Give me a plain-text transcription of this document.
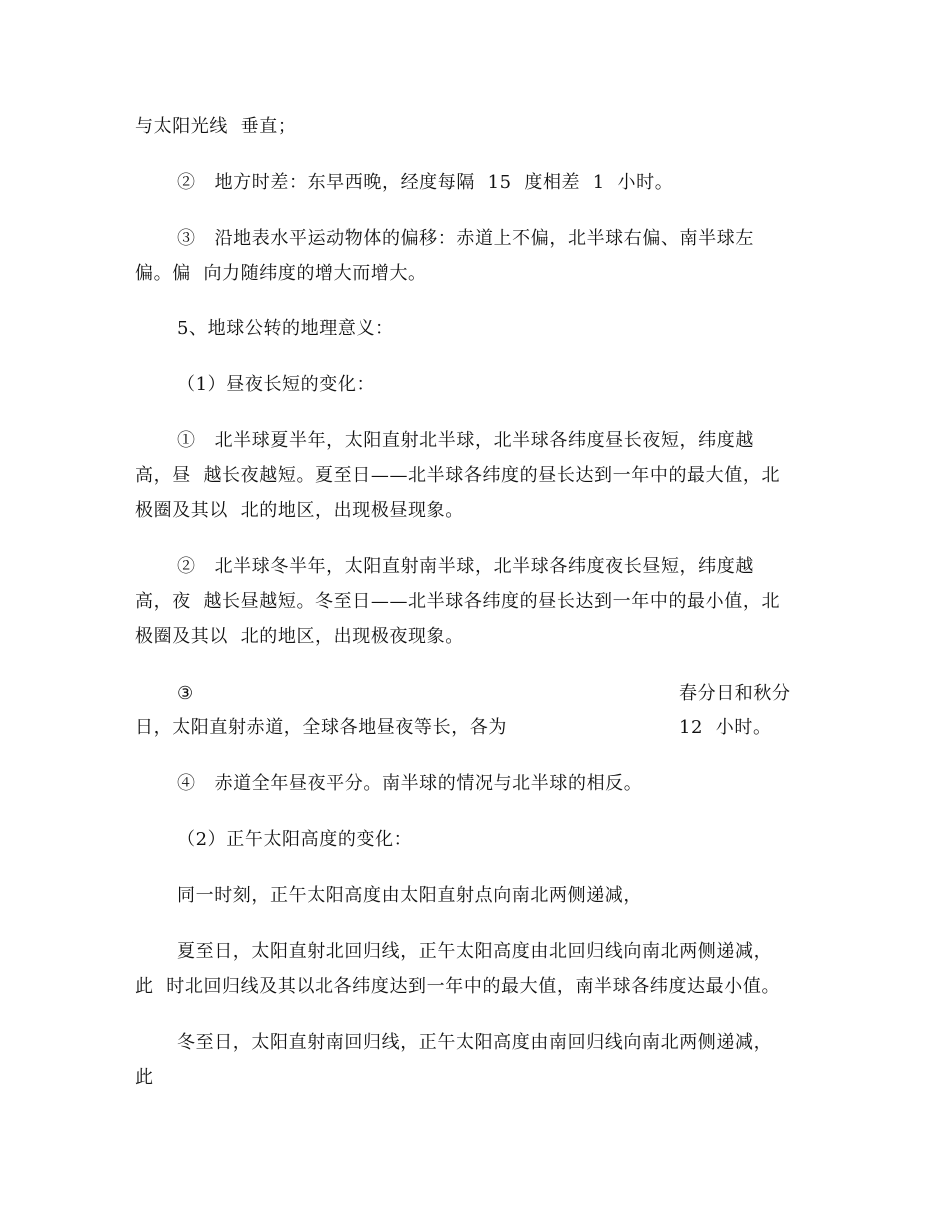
与太阳光线  垂直；
②   地方时差：东早西晚，经度每隔  15  度相差  1  小时。
③   沿地表水平运动物体的偏移：赤道上不偏，北半球右偏、南半球左
偏。偏  向力随纬度的增大而增大。
5、地球公转的地理意义：
（1）昼夜长短的变化：
①   北半球夏半年，太阳直射北半球，北半球各纬度昼长夜短，纬度越
高，昼  越长夜越短。夏至日——北半球各纬度的昼长达到一年中的最大值，北
极圈及其以  北的地区，出现极昼现象。
②   北半球冬半年，太阳直射南半球，北半球各纬度夜长昼短，纬度越
高，夜  越长昼越短。冬至日——北半球各纬度的昼长达到一年中的最小值，北
极圈及其以  北的地区，出现极夜现象。
③	春分日和秋分
日，太阳直射赤道，全球各地昼夜等长，各为	12  小时。
④   赤道全年昼夜平分。南半球的情况与北半球的相反。
（2）正午太阳高度的变化：
同一时刻，正午太阳高度由太阳直射点向南北两侧递减，
夏至日，太阳直射北回归线，正午太阳高度由北回归线向南北两侧递减，
此  时北回归线及其以北各纬度达到一年中的最大值，南半球各纬度达最小值。
冬至日，太阳直射南回归线，正午太阳高度由南回归线向南北两侧递减，
此
